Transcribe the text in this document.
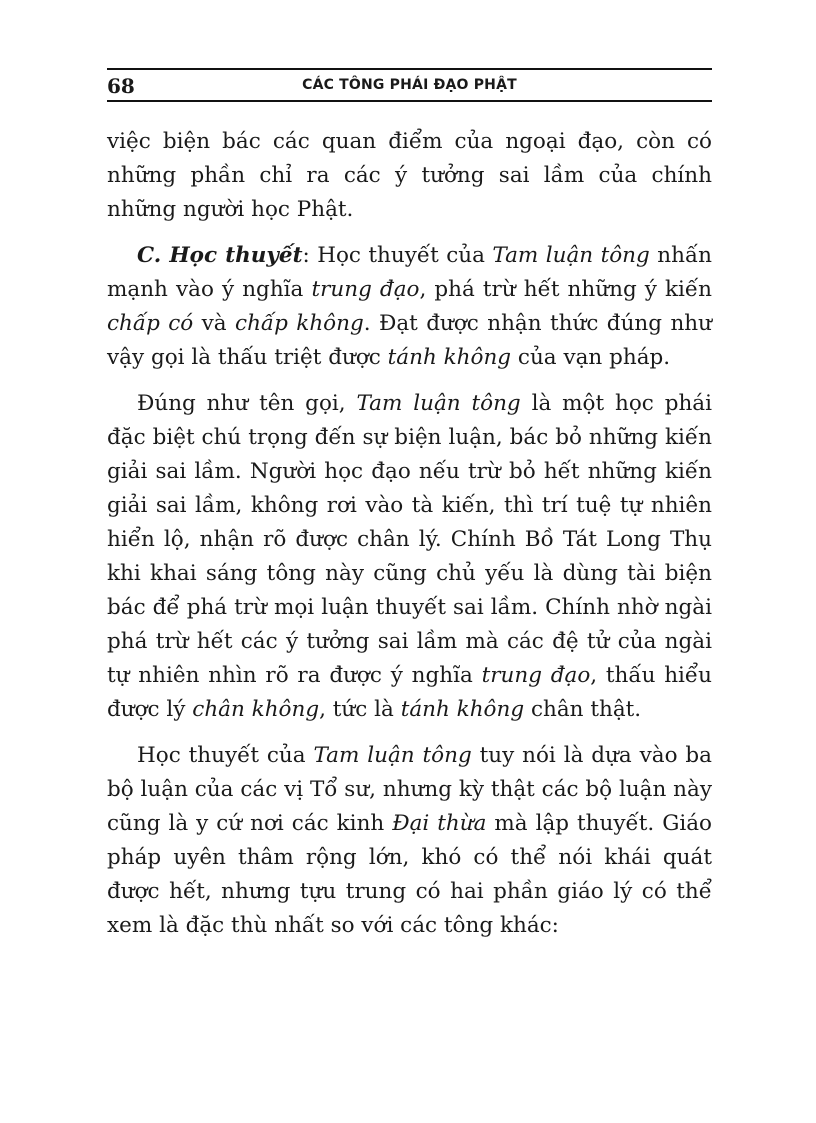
68	CÁC TÔNG PHÁI ĐẠO PHẬT

việc biện bác các quan điểm của ngoại đạo, còn có những phần chỉ ra các ý tưởng sai lầm của chính những người học Phật.

C. Học thuyết: Học thuyết của Tam luận tông nhấn mạnh vào ý nghĩa trung đạo, phá trừ hết những ý kiến chấp có và chấp không. Đạt được nhận thức đúng như vậy gọi là thấu triệt được tánh không của vạn pháp.

Đúng như tên gọi, Tam luận tông là một học phái đặc biệt chú trọng đến sự biện luận, bác bỏ những kiến giải sai lầm. Người học đạo nếu trừ bỏ hết những kiến giải sai lầm, không rơi vào tà kiến, thì trí tuệ tự nhiên hiển lộ, nhận rõ được chân lý. Chính Bồ Tát Long Thụ khi khai sáng tông này cũng chủ yếu là dùng tài biện bác để phá trừ mọi luận thuyết sai lầm. Chính nhờ ngài phá trừ hết các ý tưởng sai lầm mà các đệ tử của ngài tự nhiên nhìn rõ ra được ý nghĩa trung đạo, thấu hiểu được lý chân không, tức là tánh không chân thật.

Học thuyết của Tam luận tông tuy nói là dựa vào ba bộ luận của các vị Tổ sư, nhưng kỳ thật các bộ luận này cũng là y cứ nơi các kinh Đại thừa mà lập thuyết. Giáo pháp uyên thâm rộng lớn, khó có thể nói khái quát được hết, nhưng tựu trung có hai phần giáo lý có thể xem là đặc thù nhất so với các tông khác:
